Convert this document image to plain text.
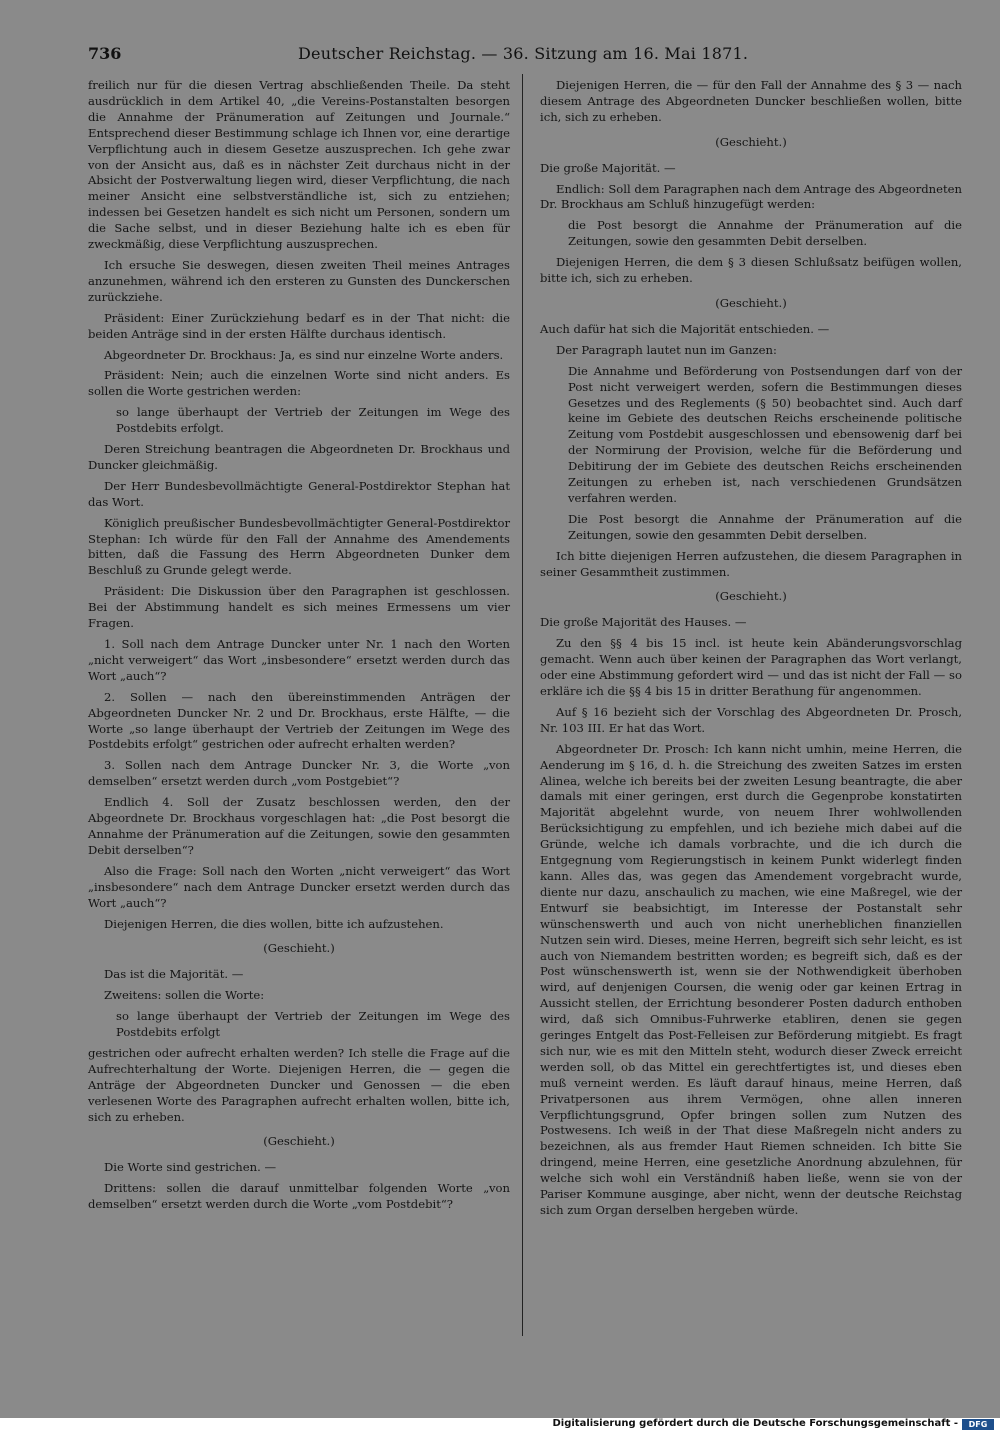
736	Deutscher Reichstag. — 36. Sitzung am 16. Mai 1871.

freilich nur für die diesen Vertrag abschließenden Theile. Da steht ausdrücklich in dem Artikel 40, „die Vereins-Postanstalten besorgen die Annahme der Pränumeration auf Zeitungen und Journale.“ Entsprechend dieser Bestimmung schlage ich Ihnen vor, eine derartige Verpflichtung auch in diesem Gesetze auszusprechen. Ich gehe zwar von der Ansicht aus, daß es in nächster Zeit durchaus nicht in der Absicht der Postverwaltung liegen wird, dieser Verpflichtung, die nach meiner Ansicht eine selbstverständliche ist, sich zu entziehen; indessen bei Gesetzen handelt es sich nicht um Personen, sondern um die Sache selbst, und in dieser Beziehung halte ich es eben für zweckmäßig, diese Verpflichtung auszusprechen.

Ich ersuche Sie deswegen, diesen zweiten Theil meines Antrages anzunehmen, während ich den ersteren zu Gunsten des Dunckerschen zurückziehe.

Präsident: Einer Zurückziehung bedarf es in der That nicht: die beiden Anträge sind in der ersten Hälfte durchaus identisch.

Abgeordneter Dr. Brockhaus: Ja, es sind nur einzelne Worte anders.

Präsident: Nein; auch die einzelnen Worte sind nicht anders. Es sollen die Worte gestrichen werden:

so lange überhaupt der Vertrieb der Zeitungen im Wege des Postdebits erfolgt.

Deren Streichung beantragen die Abgeordneten Dr. Brockhaus und Duncker gleichmäßig.

Der Herr Bundesbevollmächtigte General-Postdirektor Stephan hat das Wort.

Königlich preußischer Bundesbevollmächtigter General-Postdirektor Stephan: Ich würde für den Fall der Annahme des Amendements bitten, daß die Fassung des Herrn Abgeordneten Dunker dem Beschluß zu Grunde gelegt werde.

Präsident: Die Diskussion über den Paragraphen ist geschlossen. Bei der Abstimmung handelt es sich meines Ermessens um vier Fragen.

1. Soll nach dem Antrage Duncker unter Nr. 1 nach den Worten „nicht verweigert“ das Wort „insbesondere“ ersetzt werden durch das Wort „auch“?

2. Sollen — nach den übereinstimmenden Anträgen der Abgeordneten Duncker Nr. 2 und Dr. Brockhaus, erste Hälfte, — die Worte „so lange überhaupt der Vertrieb der Zeitungen im Wege des Postdebits erfolgt“ gestrichen oder aufrecht erhalten werden?

3. Sollen nach dem Antrage Duncker Nr. 3, die Worte „von demselben“ ersetzt werden durch „vom Postgebiet“?

Endlich 4. Soll der Zusatz beschlossen werden, den der Abgeordnete Dr. Brockhaus vorgeschlagen hat: „die Post besorgt die Annahme der Pränumeration auf die Zeitungen, sowie den gesammten Debit derselben“?

Also die Frage: Soll nach den Worten „nicht verweigert“ das Wort „insbesondere“ nach dem Antrage Duncker ersetzt werden durch das Wort „auch“?

Diejenigen Herren, die dies wollen, bitte ich aufzustehen.

(Geschieht.)

Das ist die Majorität. —

Zweitens: sollen die Worte:

so lange überhaupt der Vertrieb der Zeitungen im Wege des Postdebits erfolgt

gestrichen oder aufrecht erhalten werden? Ich stelle die Frage auf die Aufrechterhaltung der Worte. Diejenigen Herren, die — gegen die Anträge der Abgeordneten Duncker und Genossen — die eben verlesenen Worte des Paragraphen aufrecht erhalten wollen, bitte ich, sich zu erheben.

(Geschieht.)

Die Worte sind gestrichen. —

Drittens: sollen die darauf unmittelbar folgenden Worte „von demselben“ ersetzt werden durch die Worte „vom Postdebit“?

Diejenigen Herren, die — für den Fall der Annahme des § 3 — nach diesem Antrage des Abgeordneten Duncker beschließen wollen, bitte ich, sich zu erheben.

(Geschieht.)

Die große Majorität. —

Endlich: Soll dem Paragraphen nach dem Antrage des Abgeordneten Dr. Brockhaus am Schluß hinzugefügt werden:

die Post besorgt die Annahme der Pränumeration auf die Zeitungen, sowie den gesammten Debit derselben.

Diejenigen Herren, die dem § 3 diesen Schlußsatz beifügen wollen, bitte ich, sich zu erheben.

(Geschieht.)

Auch dafür hat sich die Majorität entschieden. —

Der Paragraph lautet nun im Ganzen:

Die Annahme und Beförderung von Postsendungen darf von der Post nicht verweigert werden, sofern die Bestimmungen dieses Gesetzes und des Reglements (§ 50) beobachtet sind. Auch darf keine im Gebiete des deutschen Reichs erscheinende politische Zeitung vom Postdebit ausgeschlossen und ebensowenig darf bei der Normirung der Provision, welche für die Beförderung und Debitirung der im Gebiete des deutschen Reichs erscheinenden Zeitungen zu erheben ist, nach verschiedenen Grundsätzen verfahren werden.

Die Post besorgt die Annahme der Pränumeration auf die Zeitungen, sowie den gesammten Debit derselben.

Ich bitte diejenigen Herren aufzustehen, die diesem Paragraphen in seiner Gesammtheit zustimmen.

(Geschieht.)

Die große Majorität des Hauses. —

Zu den §§ 4 bis 15 incl. ist heute kein Abänderungsvorschlag gemacht. Wenn auch über keinen der Paragraphen das Wort verlangt, oder eine Abstimmung gefordert wird — und das ist nicht der Fall — so erkläre ich die §§ 4 bis 15 in dritter Berathung für angenommen.

Auf § 16 bezieht sich der Vorschlag des Abgeordneten Dr. Prosch, Nr. 103 III. Er hat das Wort.

Abgeordneter Dr. Prosch: Ich kann nicht umhin, meine Herren, die Aenderung im § 16, d. h. die Streichung des zweiten Satzes im ersten Alinea, welche ich bereits bei der zweiten Lesung beantragte, die aber damals mit einer geringen, erst durch die Gegenprobe konstatirten Majorität abgelehnt wurde, von neuem Ihrer wohlwollenden Berücksichtigung zu empfehlen, und ich beziehe mich dabei auf die Gründe, welche ich damals vorbrachte, und die ich durch die Entgegnung vom Regierungstisch in keinem Punkt widerlegt finden kann. Alles das, was gegen das Amendement vorgebracht wurde, diente nur dazu, anschaulich zu machen, wie eine Maßregel, wie der Entwurf sie beabsichtigt, im Interesse der Postanstalt sehr wünschenswerth und auch von nicht unerheblichen finanziellen Nutzen sein wird. Dieses, meine Herren, begreift sich sehr leicht, es ist auch von Niemandem bestritten worden; es begreift sich, daß es der Post wünschenswerth ist, wenn sie der Nothwendigkeit überhoben wird, auf denjenigen Coursen, die wenig oder gar keinen Ertrag in Aussicht stellen, der Errichtung besonderer Posten dadurch enthoben wird, daß sich Omnibus-Fuhrwerke etabliren, denen sie gegen geringes Entgelt das Post-Felleisen zur Beförderung mitgiebt. Es fragt sich nur, wie es mit den Mitteln steht, wodurch dieser Zweck erreicht werden soll, ob das Mittel ein gerechtfertigtes ist, und dieses eben muß verneint werden. Es läuft darauf hinaus, meine Herren, daß Privatpersonen aus ihrem Vermögen, ohne allen inneren Verpflichtungsgrund, Opfer bringen sollen zum Nutzen des Postwesens. Ich weiß in der That diese Maßregeln nicht anders zu bezeichnen, als aus fremder Haut Riemen schneiden. Ich bitte Sie dringend, meine Herren, eine gesetzliche Anordnung abzulehnen, für welche sich wohl ein Verständniß haben ließe, wenn sie von der Pariser Kommune ausginge, aber nicht, wenn der deutsche Reichstag sich zum Organ derselben hergeben würde.

Digitalisierung gefördert durch die Deutsche Forschungsgemeinschaft -	DFG
